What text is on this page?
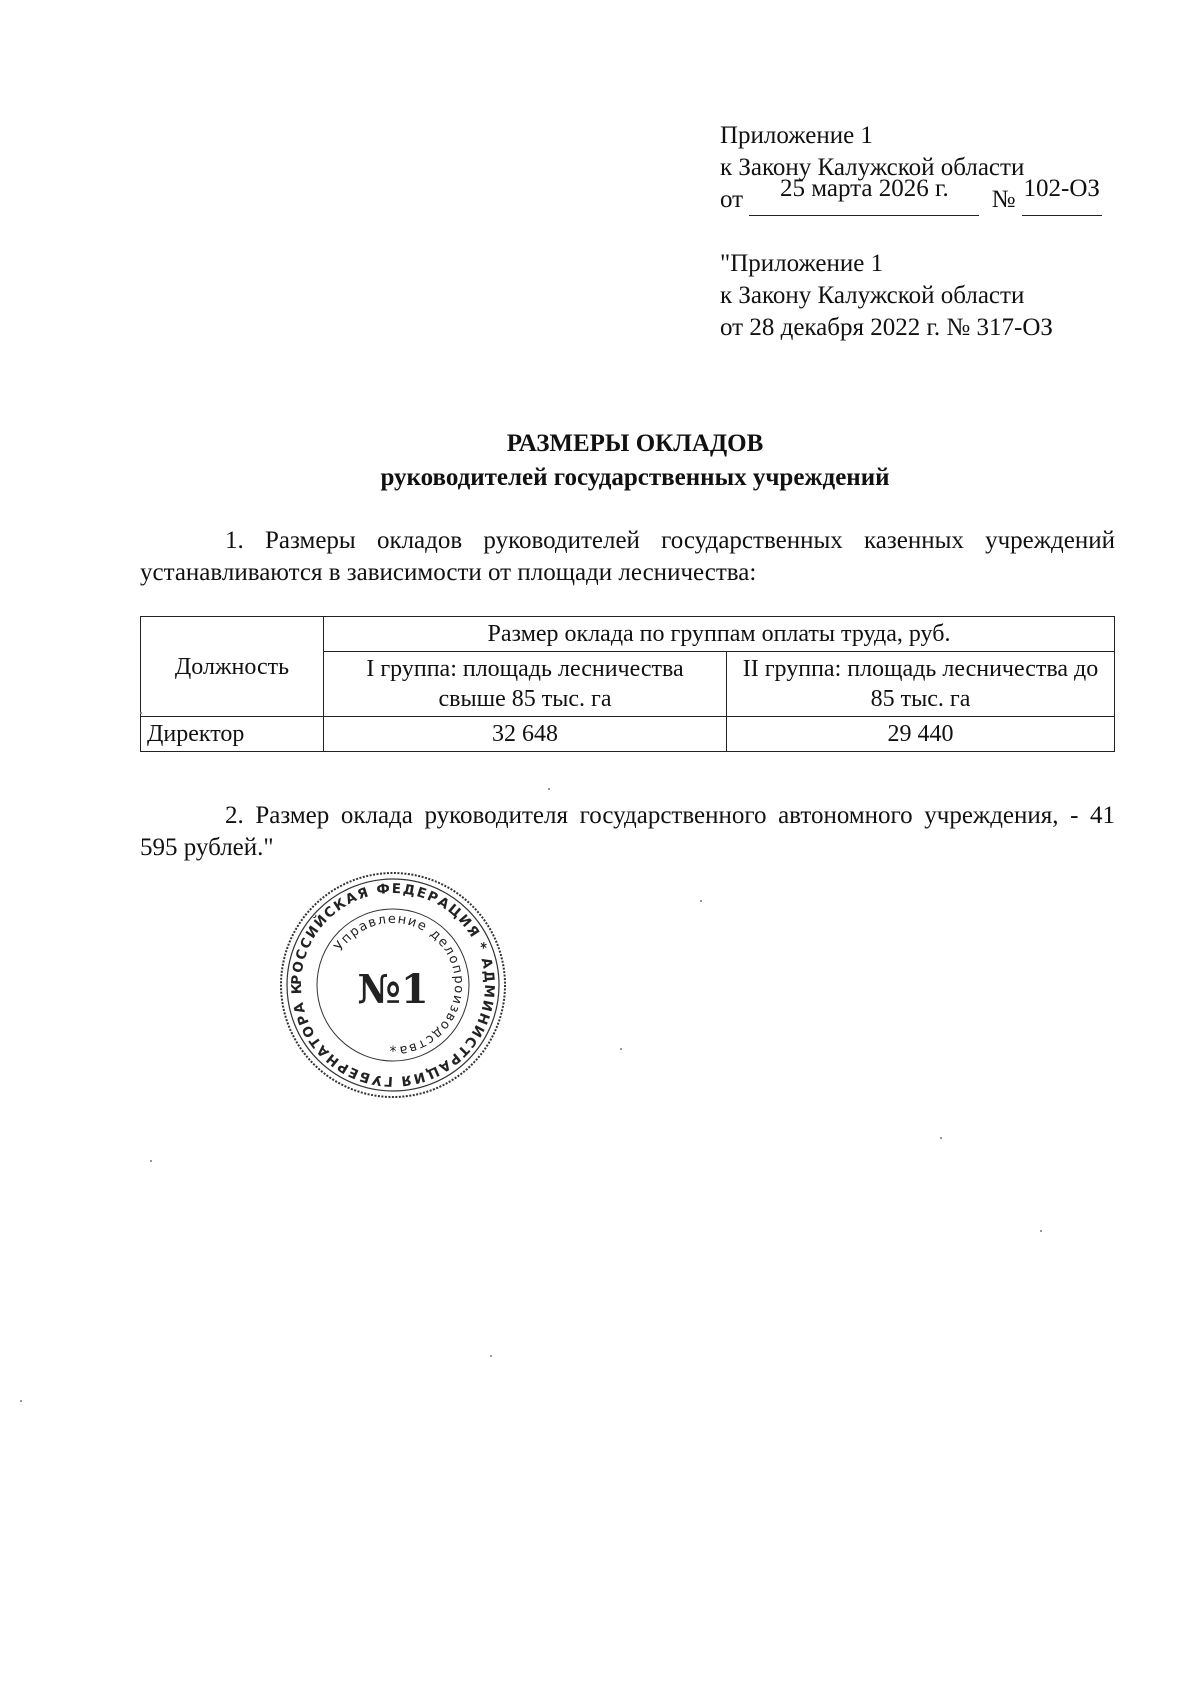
Приложение 1
к Закону Калужской области
от 25 марта 2026 г. № 102-ОЗ
"Приложение 1
к Закону Калужской области
от 28 декабря 2022 г. № 317-ОЗ
РАЗМЕРЫ ОКЛАДОВ
руководителей государственных учреждений
1. Размеры окладов руководителей государственных казенных учреждений устанавливаются в зависимости от площади лесничества:
Должность	Размер оклада по группам оплаты труда, руб.	
	I группа: площадь лесничества свыше 85 тыс. га	II группа: площадь лесничества до 85 тыс. га
Директор	32 648	29 440
2. Размер оклада руководителя государственного автономного учреждения, - 41 595 рублей."
РОССИЙСКАЯ ФЕДЕРАЦИЯ * АДМИНИСТРАЦИЯ ГУБЕРНАТОРА К
Управление делопроизводства
№1
*
